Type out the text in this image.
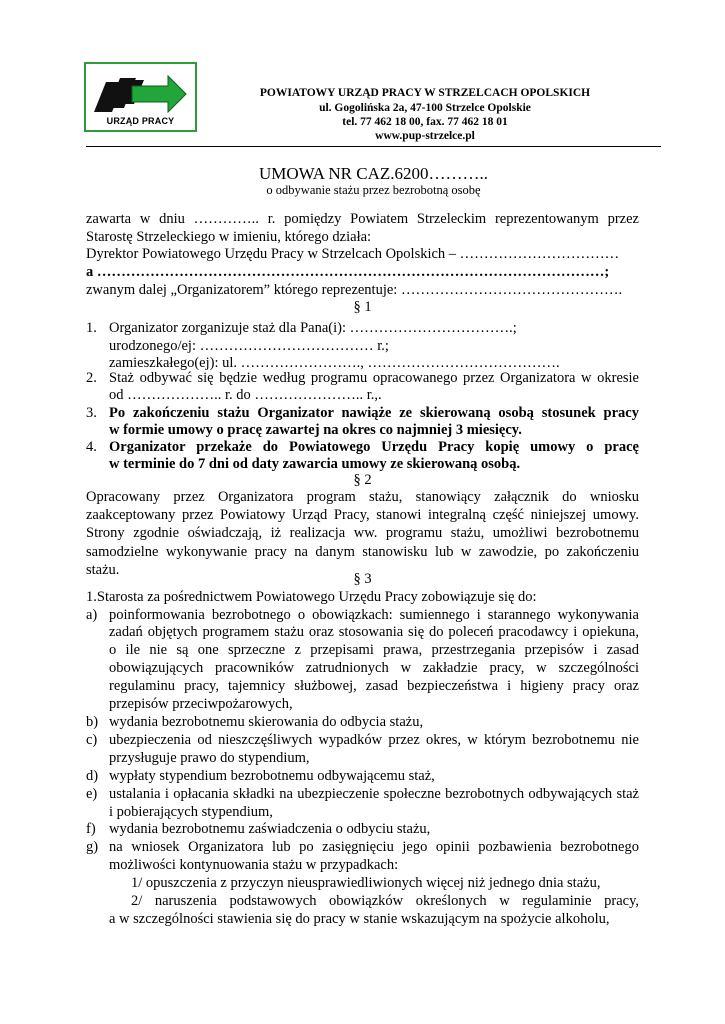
URZĄD PRACY
POWIATOWY URZĄD PRACY W STRZELCACH OPOLSKICH
ul. Gogolińska 2a, 47-100 Strzelce Opolskie
tel. 77 462 18 00, fax. 77 462 18 01
www.pup-strzelce.pl
UMOWA NR CAZ.6200………..
o odbywanie stażu przez bezrobotną osobę
zawarta w dniu ………….. r. pomiędzy Powiatem Strzeleckim reprezentowanym przez
Starostę Strzeleckiego w imieniu, którego działa:
Dyrektor Powiatowego Urzędu Pracy w Strzelcach Opolskich – ……………………………
a ……………………………………………………………………………………………;
zwanym dalej „Organizatorem” którego reprezentuje: ……………………………………….
§ 1
1. Organizator zorganizuje staż dla Pana(i): …………………………….;
urodzonego/ej: ……………………………… r.;
zamieszkałego(ej): ul. ……………………., ………………………………….
2. Staż odbywać się będzie według programu opracowanego przez Organizatora w okresie
od ……………….. r. do ………………….. r.,.
3. Po zakończeniu stażu Organizator nawiąże ze skierowaną osobą stosunek pracy
w formie umowy o pracę zawartej na okres co najmniej 3 miesięcy.
4. Organizator przekaże do Powiatowego Urzędu Pracy kopię umowy o pracę
w terminie do 7 dni od daty zawarcia umowy ze skierowaną osobą.
§ 2
Opracowany przez Organizatora program stażu, stanowiący załącznik do wniosku
zaakceptowany przez Powiatowy Urząd Pracy, stanowi integralną część niniejszej umowy.
Strony zgodnie oświadczają, iż realizacja ww. programu stażu, umożliwi bezrobotnemu
samodzielne wykonywanie pracy na danym stanowisku lub w zawodzie, po zakończeniu
stażu.
§ 3
1.Starosta za pośrednictwem Powiatowego Urzędu Pracy zobowiązuje się do:
a) poinformowania bezrobotnego o obowiązkach: sumiennego i starannego wykonywania
zadań objętych programem stażu oraz stosowania się do poleceń pracodawcy i opiekuna,
o ile nie są one sprzeczne z przepisami prawa, przestrzegania przepisów i zasad
obowiązujących pracowników zatrudnionych w zakładzie pracy, w szczególności
regulaminu pracy, tajemnicy służbowej, zasad bezpieczeństwa i higieny pracy oraz
przepisów przeciwpożarowych,
b) wydania bezrobotnemu skierowania do odbycia stażu,
c) ubezpieczenia od nieszczęśliwych wypadków przez okres, w którym bezrobotnemu nie
przysługuje prawo do stypendium,
d) wypłaty stypendium bezrobotnemu odbywającemu staż,
e) ustalania i opłacania składki na ubezpieczenie społeczne bezrobotnych odbywających staż
i pobierających stypendium,
f) wydania bezrobotnemu zaświadczenia o odbyciu stażu,
g) na wniosek Organizatora lub po zasięgnięciu jego opinii pozbawienia bezrobotnego
możliwości kontynuowania stażu w przypadkach:
1/ opuszczenia z przyczyn nieusprawiedliwionych więcej niż jednego dnia stażu,
2/ naruszenia podstawowych obowiązków określonych w regulaminie pracy,
a w szczególności stawienia się do pracy w stanie wskazującym na spożycie alkoholu,
